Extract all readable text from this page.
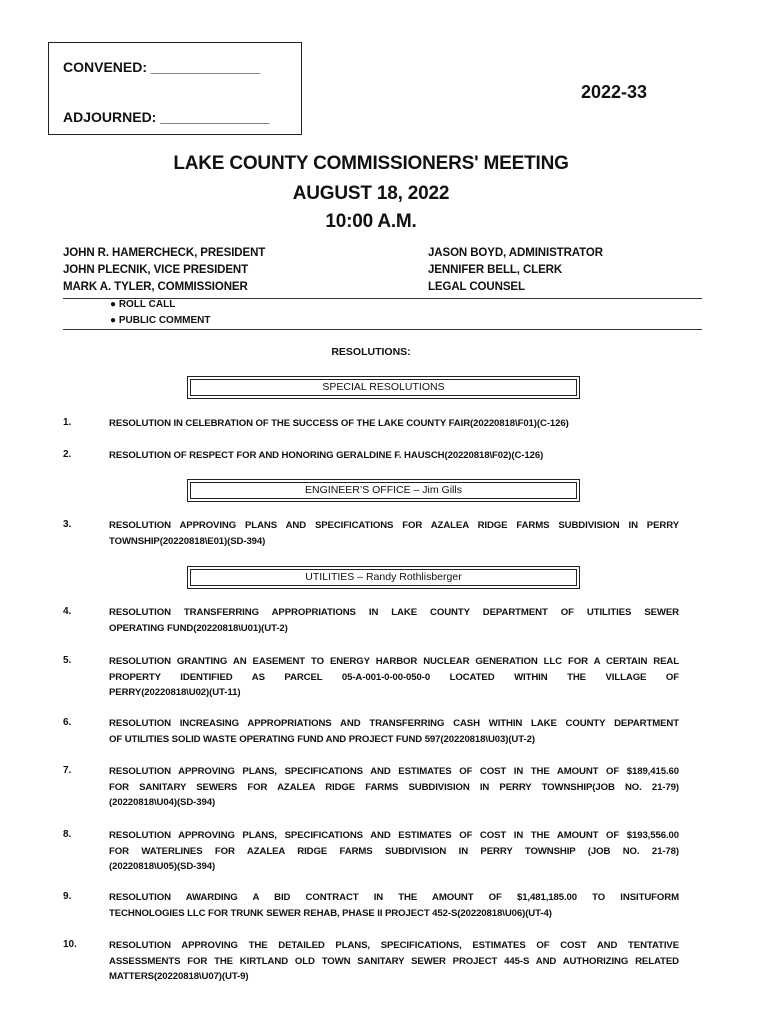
CONVENED: ______________
ADJOURNED: ______________
2022-33
LAKE COUNTY COMMISSIONERS' MEETING
AUGUST 18, 2022
10:00 A.M.
JOHN R. HAMERCHECK, PRESIDENT
JOHN PLECNIK, VICE PRESIDENT
MARK A. TYLER, COMMISSIONER
JASON BOYD, ADMINISTRATOR
JENNIFER BELL, CLERK
LEGAL COUNSEL
● ROLL CALL
● PUBLIC COMMENT
RESOLUTIONS:
SPECIAL RESOLUTIONS
ENGINEER’S OFFICE – Jim Gills
UTILITIES – Randy Rothlisberger
1.	RESOLUTION IN CELEBRATION OF THE SUCCESS OF THE LAKE COUNTY FAIR(20220818\F01)(C-126)
2.	RESOLUTION OF RESPECT FOR AND HONORING GERALDINE F. HAUSCH(20220818\F02)(C-126)
3.	RESOLUTION APPROVING PLANS AND SPECIFICATIONS FOR AZALEA RIDGE FARMS SUBDIVISION IN PERRY
TOWNSHIP(20220818\E01)(SD-394)
4.	RESOLUTION TRANSFERRING APPROPRIATIONS IN LAKE COUNTY DEPARTMENT OF UTILITIES SEWER
OPERATING FUND(20220818\U01)(UT-2)
5.	RESOLUTION GRANTING AN EASEMENT TO ENERGY HARBOR NUCLEAR GENERATION LLC FOR A CERTAIN REAL
PROPERTY IDENTIFIED AS PARCEL 05-A-001-0-00-050-0 LOCATED WITHIN THE VILLAGE OF
PERRY(20220818\U02)(UT-11)
6.	RESOLUTION INCREASING APPROPRIATIONS AND TRANSFERRING CASH WITHIN LAKE COUNTY DEPARTMENT
OF UTILITIES SOLID WASTE OPERATING FUND AND PROJECT FUND 597(20220818\U03)(UT-2)
7.	RESOLUTION APPROVING PLANS, SPECIFICATIONS AND ESTIMATES OF COST IN THE AMOUNT OF $189,415.60
FOR SANITARY SEWERS FOR AZALEA RIDGE FARMS SUBDIVISION IN PERRY TOWNSHIP(JOB NO. 21-79)
(20220818\U04)(SD-394)
8.	RESOLUTION APPROVING PLANS, SPECIFICATIONS AND ESTIMATES OF COST IN THE AMOUNT OF $193,556.00
FOR WATERLINES FOR AZALEA RIDGE FARMS SUBDIVISION IN PERRY TOWNSHIP (JOB NO. 21-78)
(20220818\U05)(SD-394)
9.	RESOLUTION AWARDING A BID CONTRACT IN THE AMOUNT OF $1,481,185.00 TO INSITUFORM
TECHNOLOGIES LLC FOR TRUNK SEWER REHAB, PHASE II PROJECT 452-S(20220818\U06)(UT-4)
10.	RESOLUTION APPROVING THE DETAILED PLANS, SPECIFICATIONS, ESTIMATES OF COST AND TENTATIVE
ASSESSMENTS FOR THE KIRTLAND OLD TOWN SANITARY SEWER PROJECT 445-S AND AUTHORIZING RELATED
MATTERS(20220818\U07)(UT-9)
